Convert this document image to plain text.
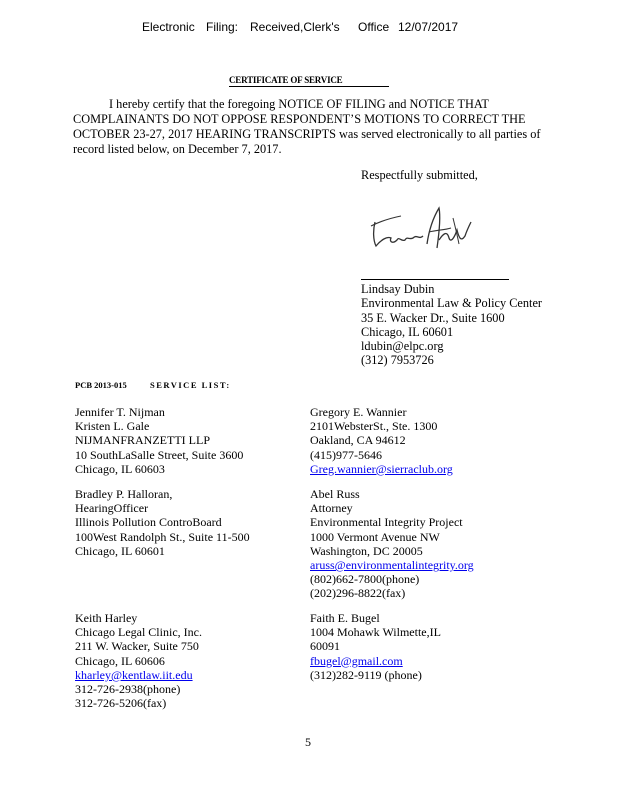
Electronic Filing: Received,Clerk's Office 12/07/2017
CERTIFICATE OF SERVICE
I hereby certify that the foregoing NOTICE OF FILING and NOTICE THAT
COMPLAINANTS DO NOT OPPOSE RESPONDENT’S MOTIONS TO CORRECT THE
OCTOBER 23-27, 2017 HEARING TRANSCRIPTS was served electronically to all parties of
record listed below, on December 7, 2017.
Respectfully submitted,
Lindsay Dubin
Environmental Law & Policy Center
35 E. Wacker Dr., Suite 1600
Chicago, IL 60601
ldubin@elpc.org
(312) 7953726
PCB 2013-015	SERVICE LIST:
Jennifer T. Nijman
Kristen L. Gale
NIJMANFRANZETTI LLP
10 SouthLaSalle Street, Suite 3600
Chicago, IL 60603
Bradley P. Halloran,
HearingOfficer
Illinois Pollution ControBoard
100West Randolph St., Suite 11-500
Chicago, IL 60601
Keith Harley
Chicago Legal Clinic, Inc.
211 W. Wacker, Suite 750
Chicago, IL 60606
kharley@kentlaw.iit.edu
312-726-2938(phone)
312-726-5206(fax)
Gregory E. Wannier
2101WebsterSt., Ste. 1300
Oakland, CA 94612
(415)977-5646
Greg.wannier@sierraclub.org
Abel Russ
Attorney
Environmental Integrity Project
1000 Vermont Avenue NW
Washington, DC 20005
aruss@environmentalintegrity.org
(802)662-7800(phone)
(202)296-8822(fax)
Faith E. Bugel
1004 Mohawk Wilmette,IL
60091
fbugel@gmail.com
(312)282-9119 (phone)
5
